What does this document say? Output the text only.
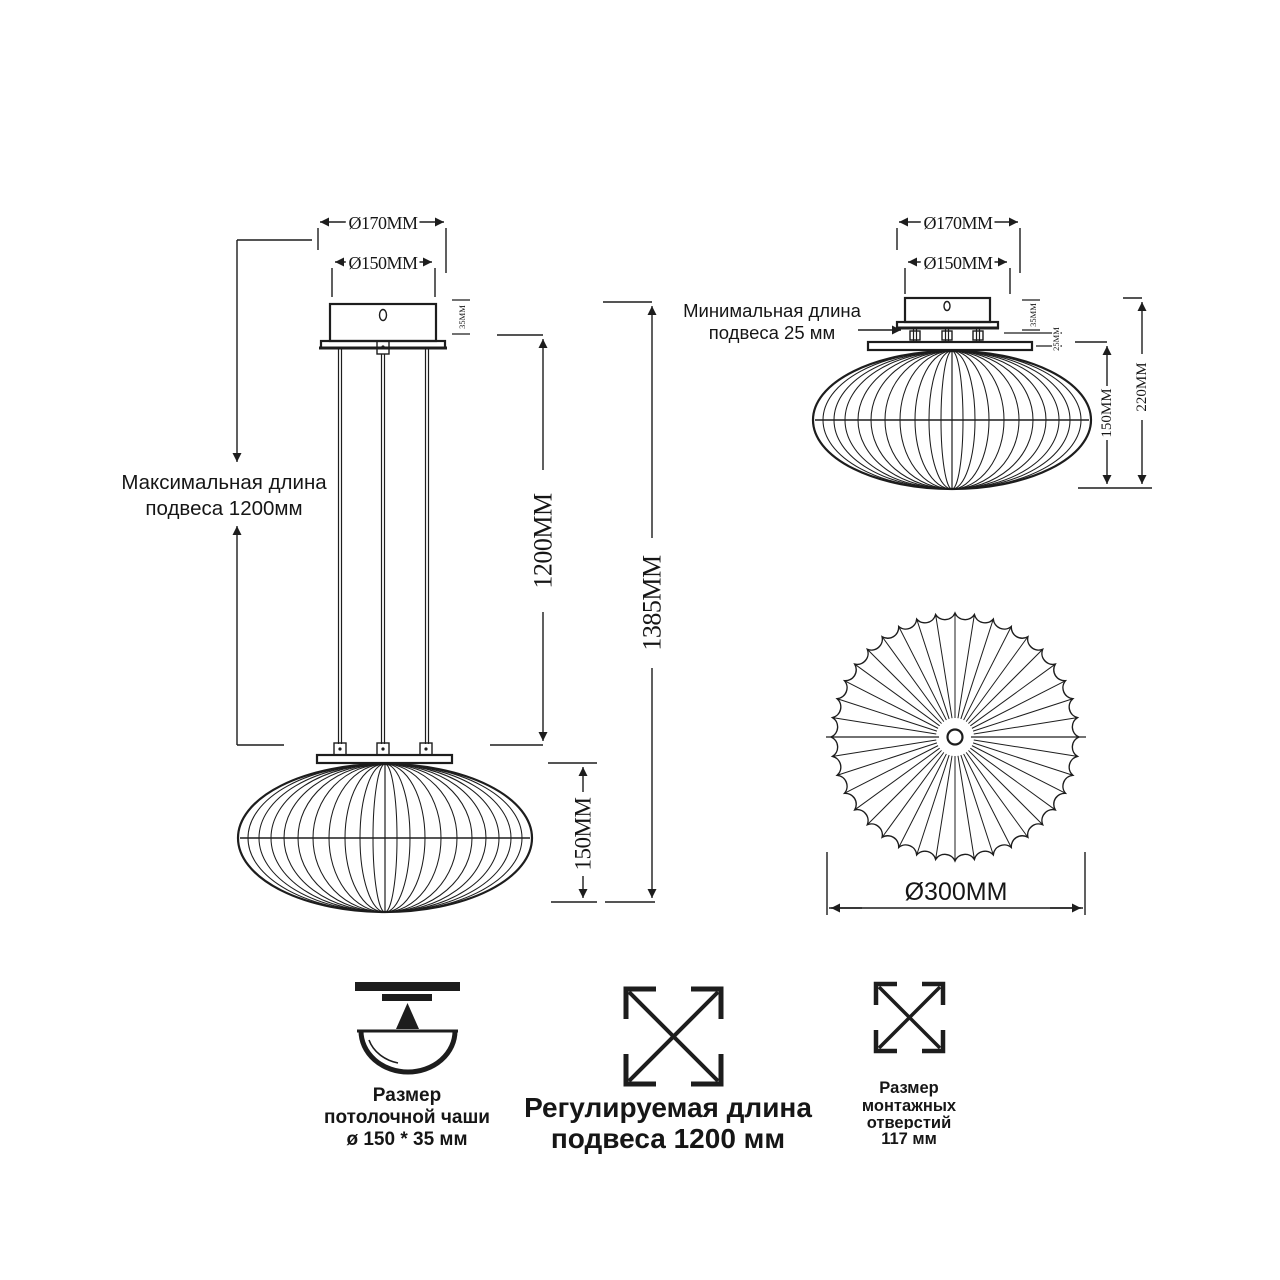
Ø170MM
Ø150MM
35MM
Максимальная длина
подвеса 1200мм	1200MM
1385MM
150MM
Ø170MM
Ø150MM
Минимальная длина
подвеса 25 мм
35MM
25MM
150MM
220MM
Ø300MM
Размер
потолочной чаши
ø 150 * 35 мм
Регулируемая длина
подвеса 1200 мм
Размер
монтажных
отверстий
117 мм
